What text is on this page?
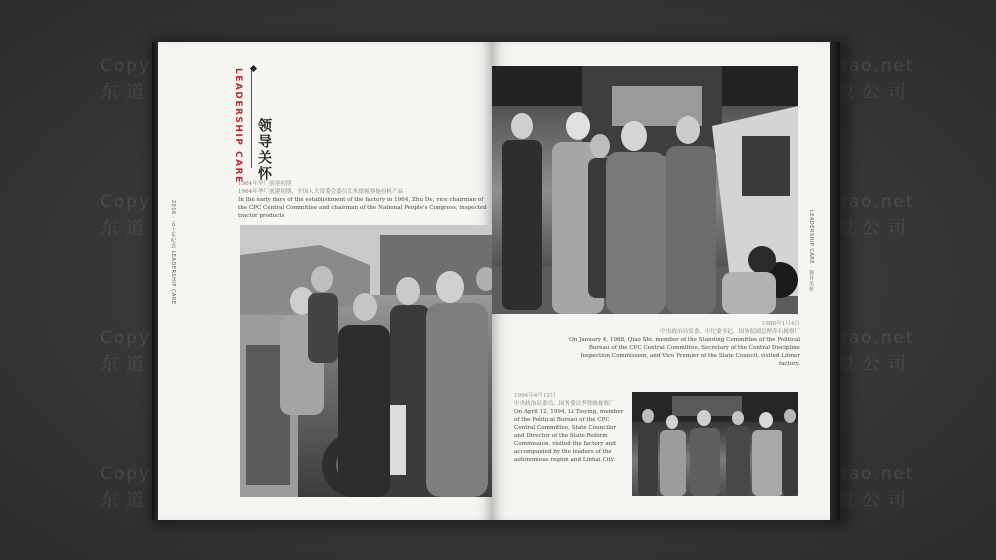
LEADERSHIP CARE 领导关怀
2016 · 五十年纪念 LEADERSHIP CARE
1964年华厂创建初期
1964年华厂创建初期，全国人大常委会委员长朱德视察拖拉机产品
In the early days of the establishment of the factory in 1964, Zhu De, vice chairman of the CPC Central Committee and chairman of the National People's Congress, inspected tractor products
1988年1月4日
中央政治局常委、中纪委书记、国务院副总理乔石视察厂
On January 4, 1988, Qiao Shi, member of the Standing Committee of the Political Bureau of the CPC Central Committee, Secretary of the Central Discipline Inspection Commission, and Vice Premier of the State Council, visited Linner factory.
1994年4月12日
中央政治局委员、国务委员李铁映视察厂
On April 12, 1994, Li Tieying, member of the Political Bureau of the CPC Central Committee, State Councilor and Director of the State Reform Commission, visited the factory and accompanied by the leaders of the autonomous region and Linhai City.
LEADERSHIP CARE · 领导关怀
